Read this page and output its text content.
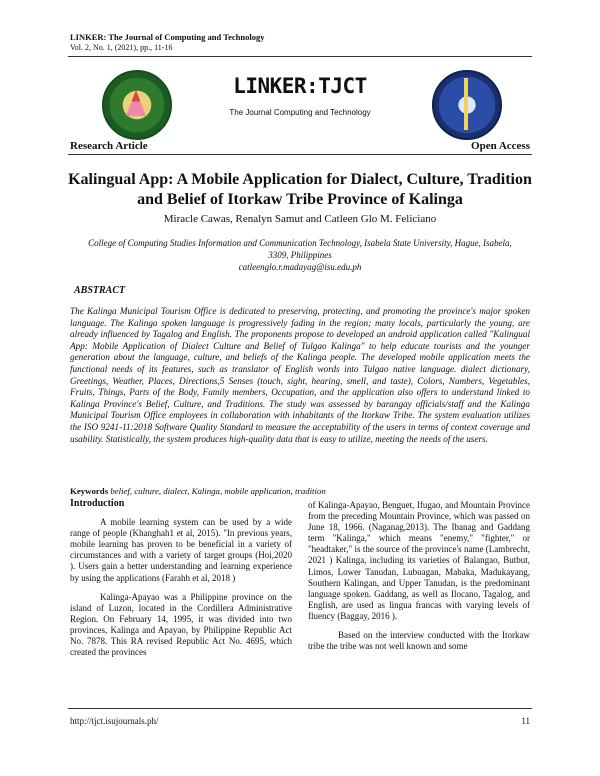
LINKER: The Journal of Computing and Technology
Vol. 2, No. 1, (2021), pp., 11-16
LINKER:TJCT
The Journal Computing and Technology
Research Article	Open Access
Kalingual App: A Mobile Application for Dialect, Culture, Tradition and Belief of Itorkaw Tribe Province of Kalinga
Miracle Cawas, Renalyn Samut and Catleen Glo M. Feliciano
College of Computing Studies Information and Communication Technology, Isabela State University, Hague, Isabela, 3309, Philippines
catleenglo.r.madayag@isu.edu.ph
ABSTRACT
The Kalinga Municipal Tourism Office is dedicated to preserving, protecting, and promoting the province's major spoken language. The Kalinga spoken language is progressively fading in the region; many locals, particularly the young, are already influenced by Tagalog and English. The proponents propose to developed an android application called "Kalingual App: Mobile Application of Dialect Culture and Belief of Tulgao Kalinga" to help educate tourists and the younger generation about the language, culture, and beliefs of the Kalinga people. The developed mobile application meets the functional needs of its features, such as translator of English words into Tulgao native language. dialect dictionary, Greetings, Weather, Places, Directions,5 Senses (touch, sight, hearing, smell, and taste), Colors, Numbers, Vegetables, Fruits, Things, Parts of the Body, Family members, Occupation, and the application also offers to understand linked to Kalinga Province's Belief, Culture, and Traditions. The study was assessed by barangay officials/staff and the Kalinga Municipal Tourism Office employees in collaboration with inhabitants of the Itorkaw Tribe. The system evaluation utilizes the ISO 9241-11:2018 Software Quality Standard to measure the acceptability of the users in terms of context coverage and usability. Statistically, the system produces high-quality data that is easy to utilize, meeting the needs of the users.
Keywords belief, culture, dialect, Kalinga, mobile application, tradition
Introduction

A mobile learning system can be used by a wide range of people (Khanghah1 et al, 2015). "In previous years, mobile learning has proven to be beneficial in a variety of circumstances and with a variety of target groups (Hoi,2020 ). Users gain a better understanding and learning experience by using the applications (Farahh et al, 2018 )

Kalinga-Apayao was a Philippine province on the island of Luzon, located in the Cordillera Administrative Region. On February 14, 1995, it was divided into two provinces, Kalinga and Apayao, by Philippine Republic Act No. 7878. This RA revised Republic Act No. 4695, which created the provinces

of Kalinga-Apayao, Benguet, Ifugao, and Mountain Province from the preceding Mountain Province, which was passed on June 18, 1966. (Naganag,2013). The Ibanag and Gaddang term "Kalinga," which means "enemy," "fighter," or "headtaker," is the source of the province's name (Lambrecht, 2021 ) Kalinga, including its varieties of Balangao, Butbut, Limos, Lower Tanudan, Lubuagan, Mabaka, Madukayang, Southern Kalingan, and Upper Tanudan, is the predominant language spoken. Gaddang, as well as Ilocano, Tagalog, and English, are used as lingua francas with varying levels of fluency (Baggay, 2016 ).

Based on the interview conducted with the Itorkaw tribe the tribe was not well known and some

http://tjct.isujournals.ph/	11
